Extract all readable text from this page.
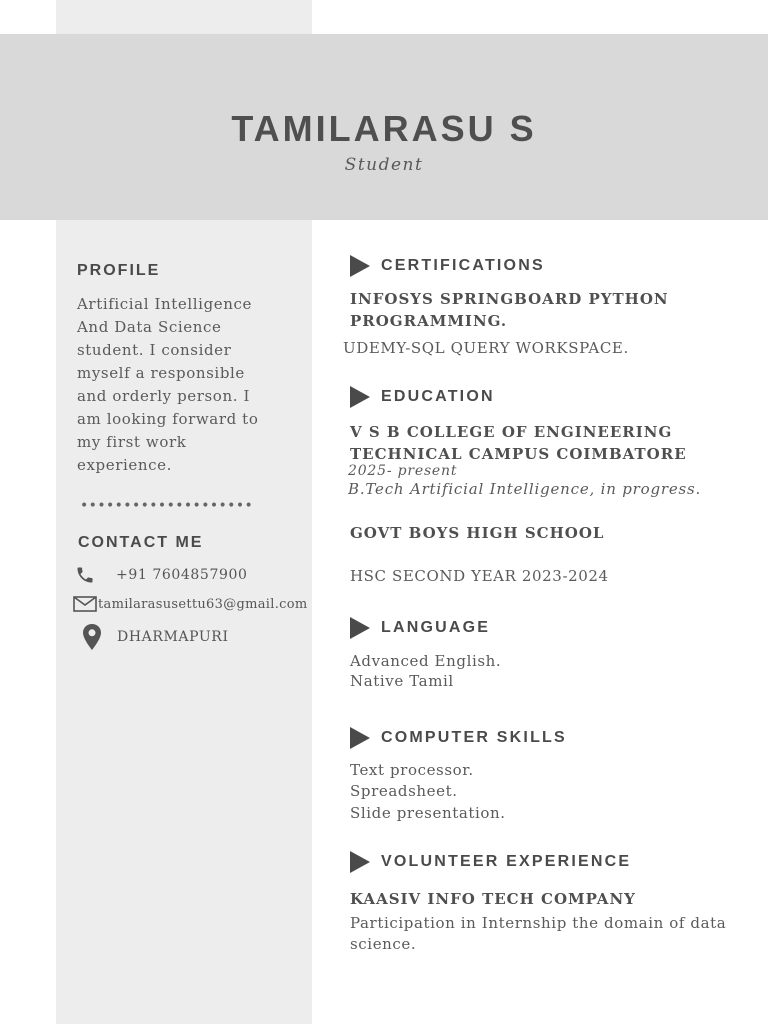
TAMILARASU S
Student
PROFILE

Artificial Intelligence And Data Science student. I consider myself a responsible and orderly person. I am looking forward to my first work experience.

••••••••••••••••••••
CONTACT ME
+91 7604857900
tamilarasusettu63@gmail.com
DHARMAPURI
CERTIFICATIONS
INFOSYS SPRINGBOARD PYTHON
PROGRAMMING.
UDEMY-SQL QUERY WORKSPACE.
EDUCATION
V S B COLLEGE OF ENGINEERING
TECHNICAL CAMPUS COIMBATORE
2025- present
B.Tech Artificial Intelligence, in progress.
GOVT BOYS HIGH SCHOOL
HSC SECOND YEAR 2023-2024
LANGUAGE
Advanced English.
Native Tamil
COMPUTER SKILLS
Text processor.
Spreadsheet.
Slide presentation.
VOLUNTEER EXPERIENCE
KAASIV INFO TECH COMPANY
Participation in Internship the domain of data
science.
